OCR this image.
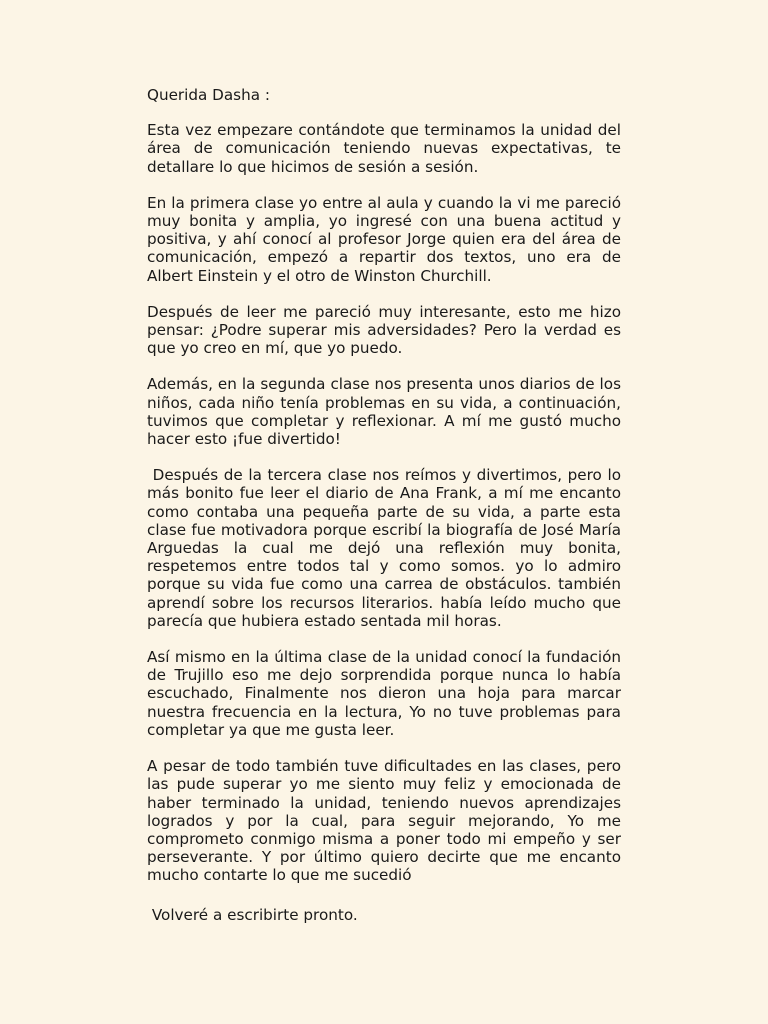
Querida Dasha :

Esta vez empezare contándote que terminamos la unidad del área de comunicación teniendo nuevas expectativas, te detallare lo que hicimos de sesión a sesión.

En la primera clase yo entre al aula y cuando la vi me pareció muy bonita y amplia, yo ingresé con una buena actitud y positiva, y ahí conocí al profesor Jorge quien era del área de comunicación, empezó a repartir dos textos, uno era de Albert Einstein y el otro de Winston Churchill.

Después de leer me pareció muy interesante, esto me hizo pensar: ¿Podre superar mis adversidades? Pero la verdad es que yo creo en mí, que yo puedo.

Además, en la segunda clase nos presenta unos diarios de los niños, cada niño tenía problemas en su vida, a continuación, tuvimos que completar y reflexionar. A mí me gustó mucho hacer esto ¡fue divertido!

Después de la tercera clase nos reímos y divertimos, pero lo más bonito fue leer el diario de Ana Frank, a mí me encanto como contaba una pequeña parte de su vida, a parte esta clase fue motivadora porque escribí la biografía de José María Arguedas la cual me dejó una reflexión muy bonita, respetemos entre todos tal y como somos. yo lo admiro porque su vida fue como una carrea de obstáculos. también aprendí sobre los recursos literarios. había leído mucho que parecía que hubiera estado sentada mil horas.

Así mismo en la última clase de la unidad conocí la fundación de Trujillo eso me dejo sorprendida porque nunca lo había escuchado, Finalmente nos dieron una hoja para marcar nuestra frecuencia en la lectura, Yo no tuve problemas para completar ya que me gusta leer.

A pesar de todo también tuve dificultades en las clases, pero las pude superar yo me siento muy feliz y emocionada de haber terminado la unidad, teniendo nuevos aprendizajes logrados y por la cual, para seguir mejorando, Yo me comprometo conmigo misma a poner todo mi empeño y ser perseverante. Y por último quiero decirte que me encanto mucho contarte lo que me sucedió

Volveré a escribirte pronto.
